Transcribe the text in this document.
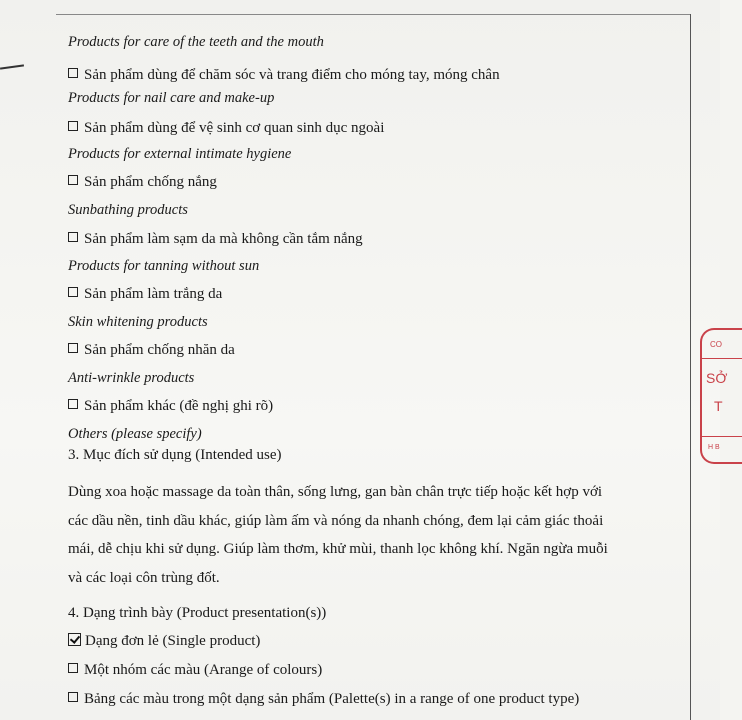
Products for care of the teeth and the mouth
Sản phẩm dùng để chăm sóc và trang điểm cho móng tay, móng chân
Products for nail care and make-up
Sản phẩm dùng để vệ sinh cơ quan sinh dục ngoài
Products for external intimate hygiene
Sản phẩm chống nắng
Sunbathing products
Sản phẩm làm sạm da mà không cần tắm nắng
Products for tanning without sun
Sản phẩm làm trắng da
Skin whitening products
Sản phẩm chống nhăn da
Anti-wrinkle products
Sản phẩm khác (đề nghị ghi rõ)
Others (please specify)
3. Mục đích sử dụng (Intended use)
Dùng xoa hoặc massage da toàn thân, sống lưng, gan bàn chân trực tiếp hoặc kết hợp với
các dầu nền, tinh dầu khác, giúp làm ấm và nóng da nhanh chóng, đem lại cảm giác thoải
mái, dễ chịu khi sử dụng. Giúp làm thơm, khử mùi, thanh lọc không khí. Ngăn ngừa muỗi
và các loại côn trùng đốt.
4. Dạng trình bày (Product presentation(s))
Dạng đơn lẻ (Single product)
Một nhóm các màu (Arange of colours)
Bảng các màu trong một dạng sản phẩm (Palette(s) in a range of one product type)
CO
SỞ
T
H B
